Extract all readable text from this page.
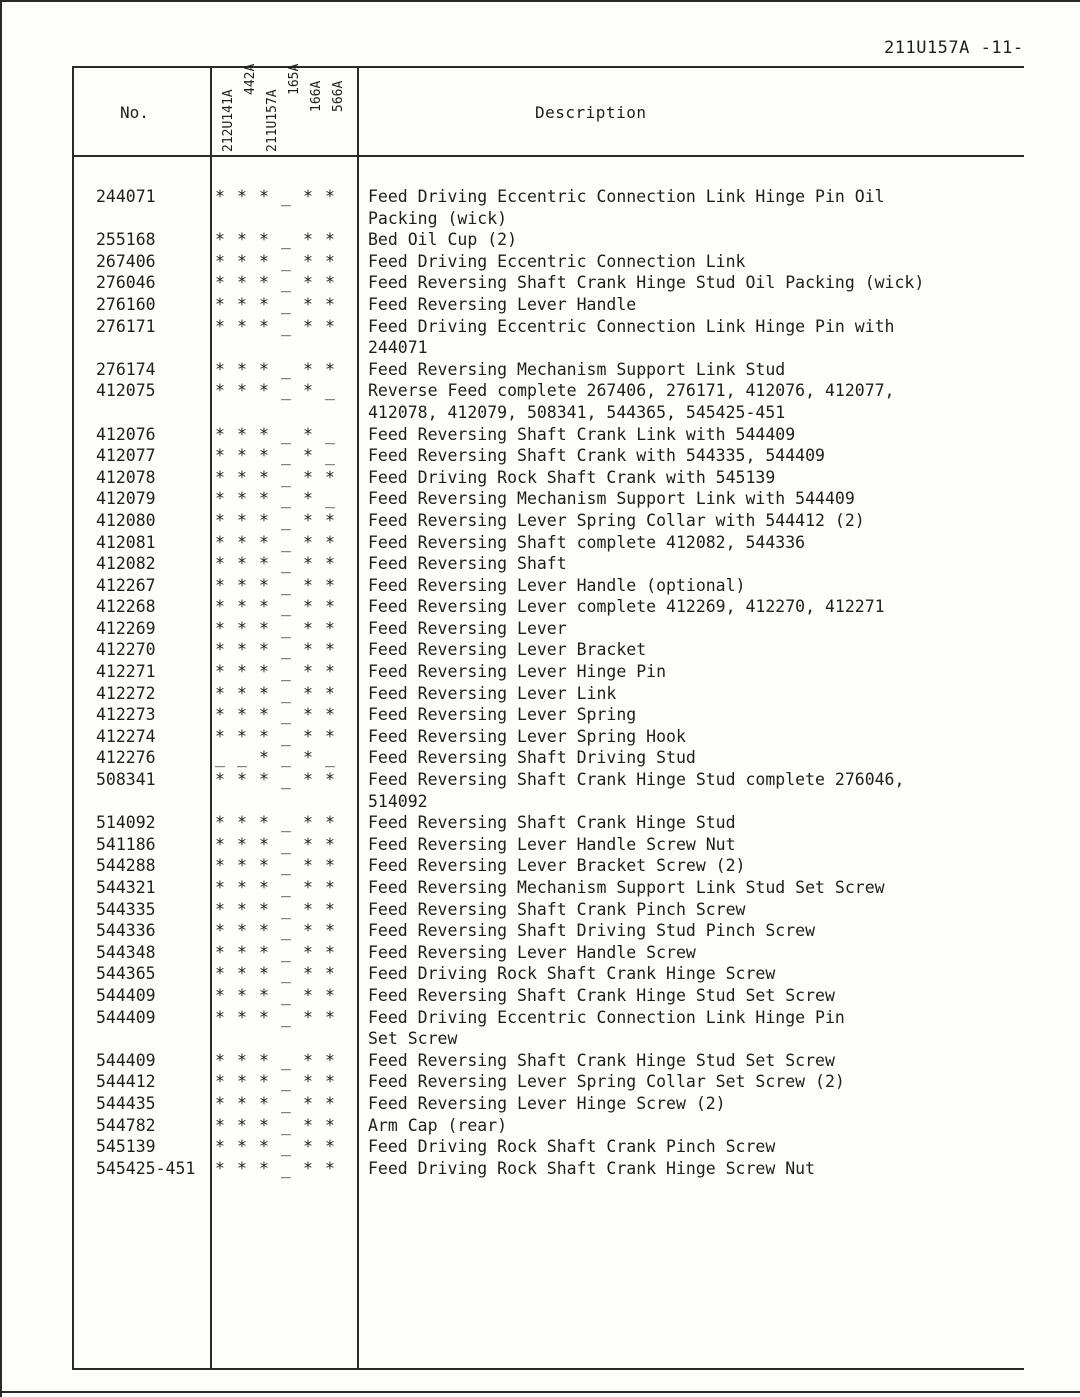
211U157A -11-
No.	Description
212U141A
442A
211U157A
165A
166A 566A
244071	* * * _ * * Feed Driving Eccentric Connection Link Hinge Pin Oil
Packing (wick)
255168	* * * _ * * Bed Oil Cup (2)
267406	* * * _ * * Feed Driving Eccentric Connection Link
276046	* * * _ * * Feed Reversing Shaft Crank Hinge Stud Oil Packing (wick)
276160	* * * _ * * Feed Reversing Lever Handle
276171	* * * _ * * Feed Driving Eccentric Connection Link Hinge Pin with
244071
276174	* * * _ * * Feed Reversing Mechanism Support Link Stud
412075	* * * _ * _ Reverse Feed complete 267406, 276171, 412076, 412077,
412078, 412079, 508341, 544365, 545425-451
412076	* * * _ * _ Feed Reversing Shaft Crank Link with 544409
412077	* * * _ * _ Feed Reversing Shaft Crank with 544335, 544409
412078	* * * _ * * Feed Driving Rock Shaft Crank with 545139
412079	* * * _ * _ Feed Reversing Mechanism Support Link with 544409
412080	* * * _ * * Feed Reversing Lever Spring Collar with 544412 (2)
412081	* * * _ * * Feed Reversing Shaft complete 412082, 544336
412082	* * * _ * * Feed Reversing Shaft
412267	* * * _ * * Feed Reversing Lever Handle (optional)
412268	* * * _ * * Feed Reversing Lever complete 412269, 412270, 412271
412269	* * * _ * * Feed Reversing Lever
412270	* * * _ * * Feed Reversing Lever Bracket
412271	* * * _ * * Feed Reversing Lever Hinge Pin
412272	* * * _ * * Feed Reversing Lever Link
412273	* * * _ * * Feed Reversing Lever Spring
412274	* * * _ * * Feed Reversing Lever Spring Hook
412276	_ _ * _ * _ Feed Reversing Shaft Driving Stud
508341	* * * _ * * Feed Reversing Shaft Crank Hinge Stud complete 276046,
514092
514092	* * * _ * * Feed Reversing Shaft Crank Hinge Stud
541186	* * * _ * * Feed Reversing Lever Handle Screw Nut
544288	* * * _ * * Feed Reversing Lever Bracket Screw (2)
544321	* * * _ * * Feed Reversing Mechanism Support Link Stud Set Screw
544335	* * * _ * * Feed Reversing Shaft Crank Pinch Screw
544336	* * * _ * * Feed Reversing Shaft Driving Stud Pinch Screw
544348	* * * _ * * Feed Reversing Lever Handle Screw
544365	* * * _ * * Feed Driving Rock Shaft Crank Hinge Screw
544409	* * * _ * * Feed Reversing Shaft Crank Hinge Stud Set Screw
544409	* * * _ * * Feed Driving Eccentric Connection Link Hinge Pin
Set Screw
544409	* * * _ * * Feed Reversing Shaft Crank Hinge Stud Set Screw
544412	* * * _ * * Feed Reversing Lever Spring Collar Set Screw (2)
544435	* * * _ * * Feed Reversing Lever Hinge Screw (2)
544782	* * * _ * * Arm Cap (rear)
545139	* * * _ * * Feed Driving Rock Shaft Crank Pinch Screw
545425-451 * * * _ * * Feed Driving Rock Shaft Crank Hinge Screw Nut
